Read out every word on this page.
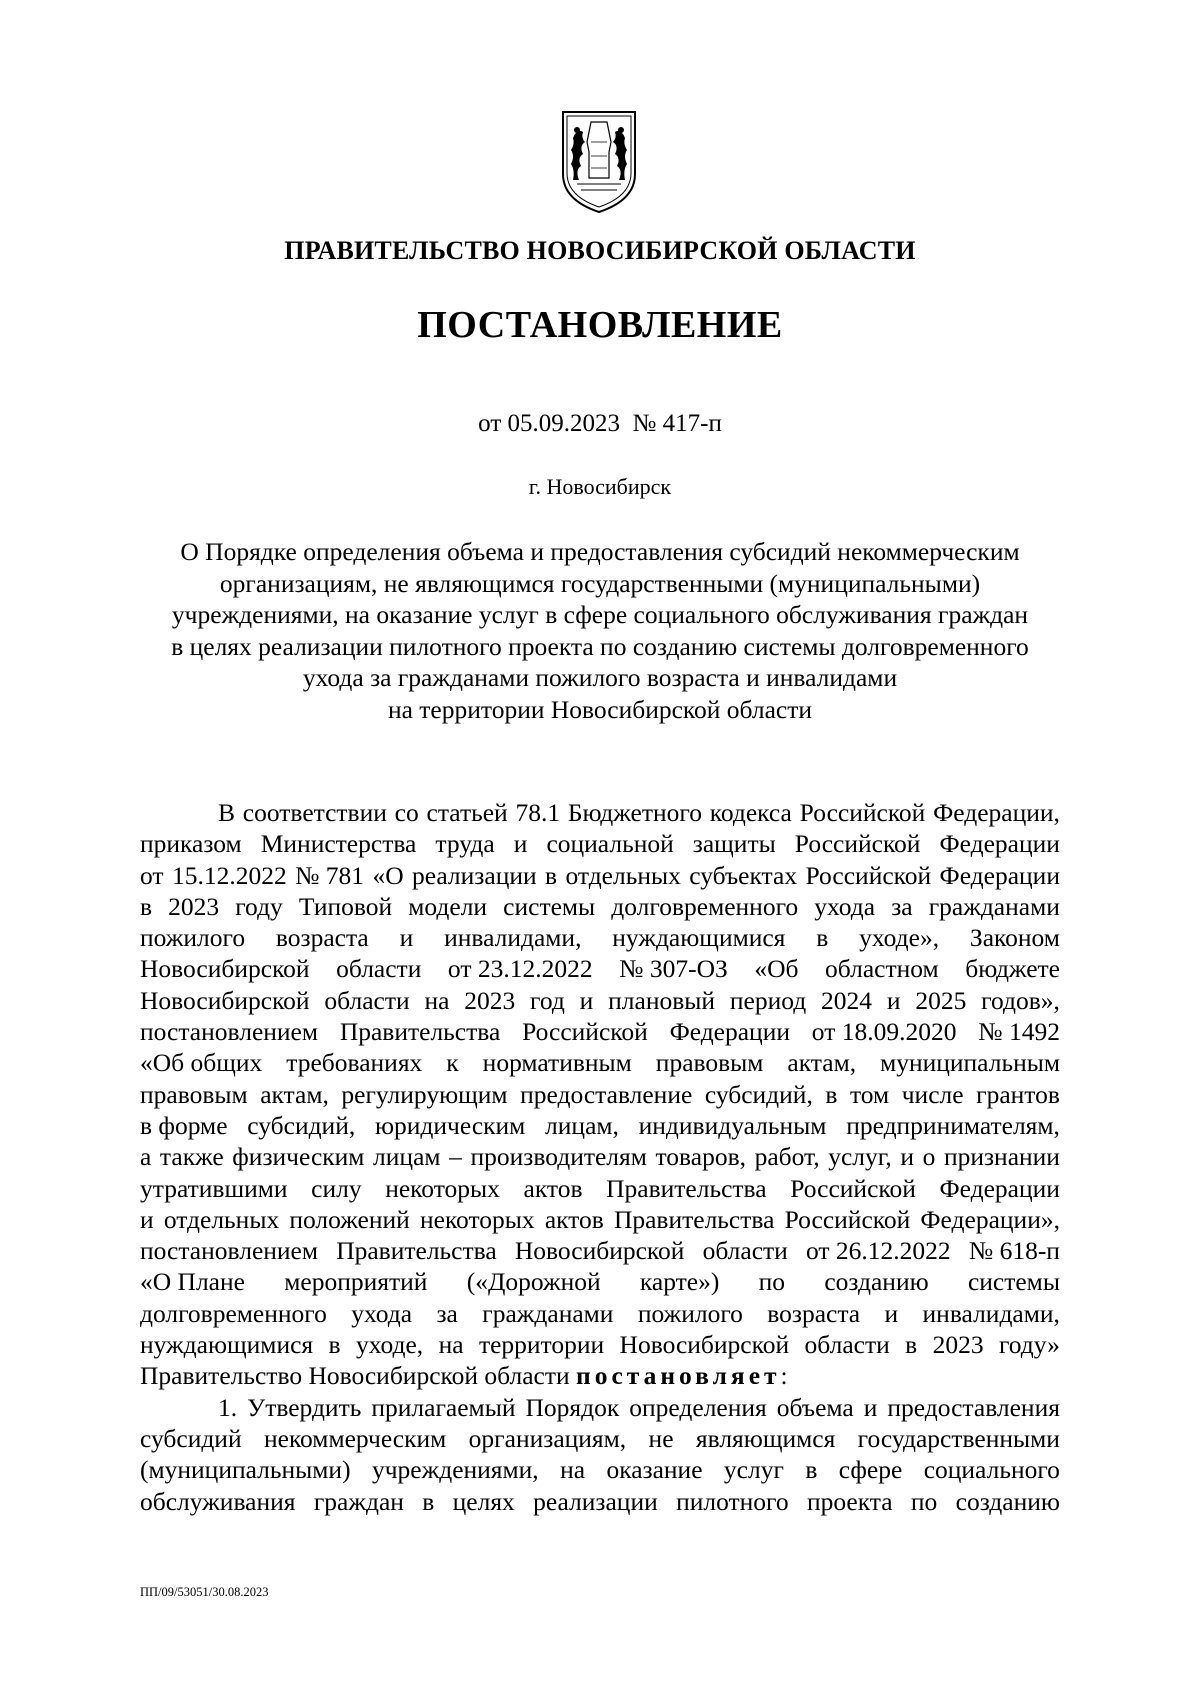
ПРАВИТЕЛЬСТВО НОВОСИБИРСКОЙ ОБЛАСТИ
ПОСТАНОВЛЕНИЕ
от 05.09.2023 № 417-п
г. Новосибирск
О Порядке определения объема и предоставления субсидий некоммерческим
организациям, не являющимся государственными (муниципальными)
учреждениями, на оказание услуг в сфере социального обслуживания граждан
в целях реализации пилотного проекта по созданию системы долговременного
ухода за гражданами пожилого возраста и инвалидами
на территории Новосибирской области
В соответствии со статьей 78.1 Бюджетного кодекса Российской Федерации,
приказом Министерства труда и социальной защиты Российской Федерации
от 15.12.2022 № 781 «О реализации в отдельных субъектах Российской Федерации
в 2023 году Типовой модели системы долговременного ухода за гражданами
пожилого возраста и инвалидами, нуждающимися в уходе», Законом
Новосибирской области от 23.12.2022 № 307-ОЗ «Об областном бюджете
Новосибирской области на 2023 год и плановый период 2024 и 2025 годов»,
постановлением Правительства Российской Федерации от 18.09.2020 № 1492
«Об общих требованиях к нормативным правовым актам, муниципальным
правовым актам, регулирующим предоставление субсидий, в том числе грантов
в форме субсидий, юридическим лицам, индивидуальным предпринимателям,
а также физическим лицам – производителям товаров, работ, услуг, и о признании
утратившими силу некоторых актов Правительства Российской Федерации
и отдельных положений некоторых актов Правительства Российской Федерации»,
постановлением Правительства Новосибирской области от 26.12.2022 № 618-п
«О Плане мероприятий («Дорожной карте») по созданию системы
долговременного ухода за гражданами пожилого возраста и инвалидами,
нуждающимися в уходе, на территории Новосибирской области в 2023 году»
Правительство Новосибирской области постановляет :
1. Утвердить прилагаемый Порядок определения объема и предоставления
субсидий некоммерческим организациям, не являющимся государственными
(муниципальными) учреждениями, на оказание услуг в сфере социального
обслуживания граждан в целях реализации пилотного проекта по созданию
ПП/09/53051/30.08.2023
